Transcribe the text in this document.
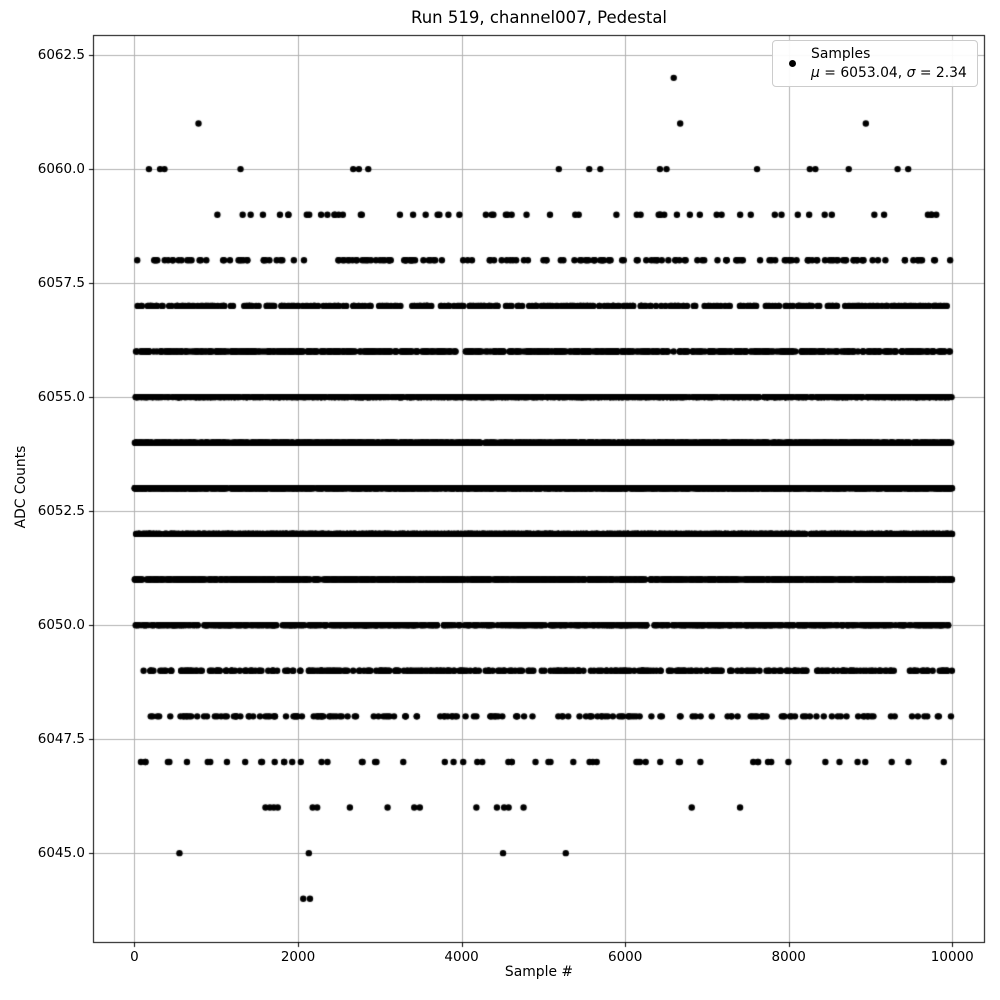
6045.0
6047.5
6050.0
6052.5
6055.0
6057.5
6060.0
6062.5
0	2000	4000	6000	8000	10000
ADC Counts
Sample #
Samples
μ = 6053.04, σ = 2.34
